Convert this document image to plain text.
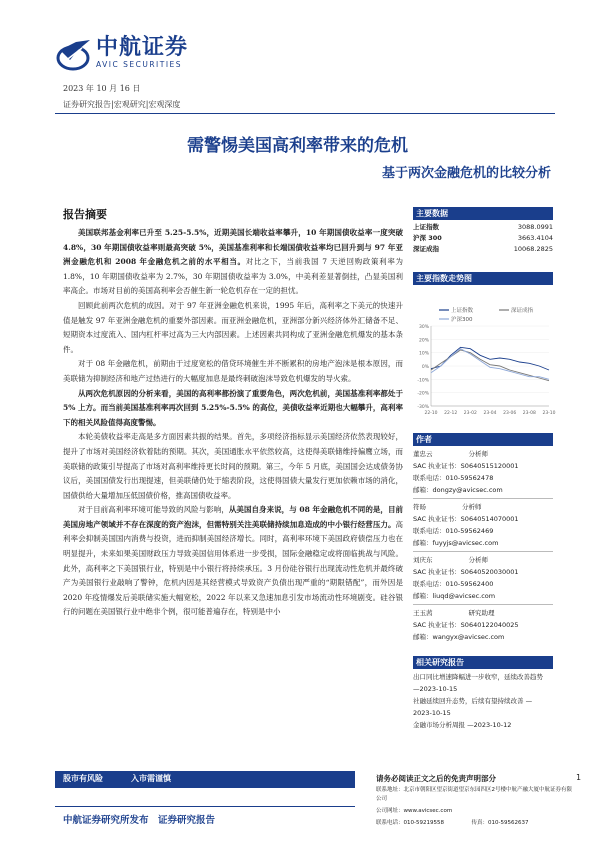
中航证券
AVIC SECURITIES
2023 年 10 月 16 日
证券研究报告|宏观研究|宏观深度
需警惕美国高利率带来的危机
基于两次金融危机的比较分析
报告摘要

美国联邦基金利率已升至 5.25-5.5%，近期美国长端收益率攀升，10 年期国债收益率一度突破 4.8%，30 年期国债收益率则最高突破 5%，美国基准利率和长端国债收益率均已回升到与 97 年亚洲金融危机和 2008 年金融危机之前的水平相当。对比之下，当前我国 7 天逆回购政策利率为 1.8%，10 年期国债收益率为 2.7%，30 年期国债收益率为 3.0%，中美利差显著倒挂，凸显美国利率高企。市场对目前的美国高利率会否催生新一轮危机存在一定的担忧。

回顾此前两次危机的成因。对于 97 年亚洲金融危机来说，1995 年后，高利率之下美元的快速升值是触发 97 年亚洲金融危机的重要外部因素。而亚洲金融危机，亚洲部分新兴经济体外汇储备不足、短期资本过度流入、国内杠杆率过高为三大内部因素。上述因素共同构成了亚洲金融危机爆发的基本条件。

对于 08 年金融危机，前期由于过度宽松的借贷环境催生并不断累积的房地产泡沫是根本原因，而美联储为抑制经济和地产过热进行的大幅度加息是最终刺破泡沫导致危机爆发的导火索。

从两次危机原因的分析来看，美国的高利率都扮演了重要角色，两次危机前，美国基准利率都处于 5% 上方。而当前美国基准利率再次回到 5.25%-5.5% 的高位，美债收益率近期也大幅攀升，高利率下的相关风险值得高度警惕。

本轮美债收益率走高是多方面因素共振的结果。首先，多项经济指标显示美国经济依然表现较好，提升了市场对美国经济软着陆的预期。其次，美国通胀水平依然较高，这使得美联储维持偏鹰立场，而美联储的政策引导提高了市场对高利率维持更长时间的预期。第三，今年 5 月底，美国国会达成债务协议后，美国国债发行出现提速，但美联储仍处于缩表阶段，这使得国债大量发行更加依赖市场的消化，国债供给大量增加压低国债价格，推高国债收益率。

对于目前高利率环境可能导致的风险与影响，从美国自身来说，与 08 年金融危机不同的是，目前美国房地产领域并不存在深度的资产泡沫，但需特别关注美联储持续加息造成的中小银行经营压力。高利率会抑制美国国内消费与投资，进而抑制美国经济增长。同时，高利率环境下美国政府债偿压力也在明显提升，未来如果美国财政压力导致美国信用体系进一步受损，国际金融稳定或将面临挑战与风险。此外，高利率之下美国银行业，特别是中小银行将持续承压。3 月份硅谷银行出现流动性危机并最终破产为美国银行业敲响了警钟，危机内因是其经营模式导致资产负债出现严重的“期限错配”，而外因是 2020 年疫情爆发后美联储实施大幅宽松，2022 年以来又急速加息引发市场流动性环境剧变。硅谷银行的问题在美国银行业中绝非个例，很可能普遍存在，特别是中小

主要数据
上证指数	3088.0991
沪深 300	3663.4104
深证成指	10068.2825
主要指数走势图
上证指数	深证成指
沪深300
30%
20%
10%
0%
-10%
-20%
-30%
22-10 22-12 23-02 23-04 23-06 23-08 23-10
作者
董忠云	分析师
SAC 执业证书：S0640515120001
联系电话：010-59562478
邮箱：dongzy@avicsec.com
符旸	分析师
SAC 执业证书：S0640514070001
联系电话：010-59562469
邮箱：fuyyjs@avicsec.com
刘庆东	分析师
SAC 执业证书：S0640520030001
联系电话：010-59562400
邮箱：liuqd@avicsec.com
王玉茜	研究助理
SAC 执业证书：S0640122040025
邮箱：wangyx@avicsec.com
相关研究报告
出口同比增速降幅进一步收窄，延续改善趋势
—2023-10-15
社融延续回升态势，后续有望持续改善 —
2023-10-15
金融市场分析周报 —2023-10-12
股市有风险	入市需谨慎	请务必阅读正文之后的免责声明部分	1
联系地址：北京市朝阳区望京街道望京东园四区2号楼中航产融大厦中航证券有限公司
公司网址：www.avicsec.com
联系电话：010-59219558　　　　　	传真：010-59562637
中航证券研究所发布　证券研究报告
